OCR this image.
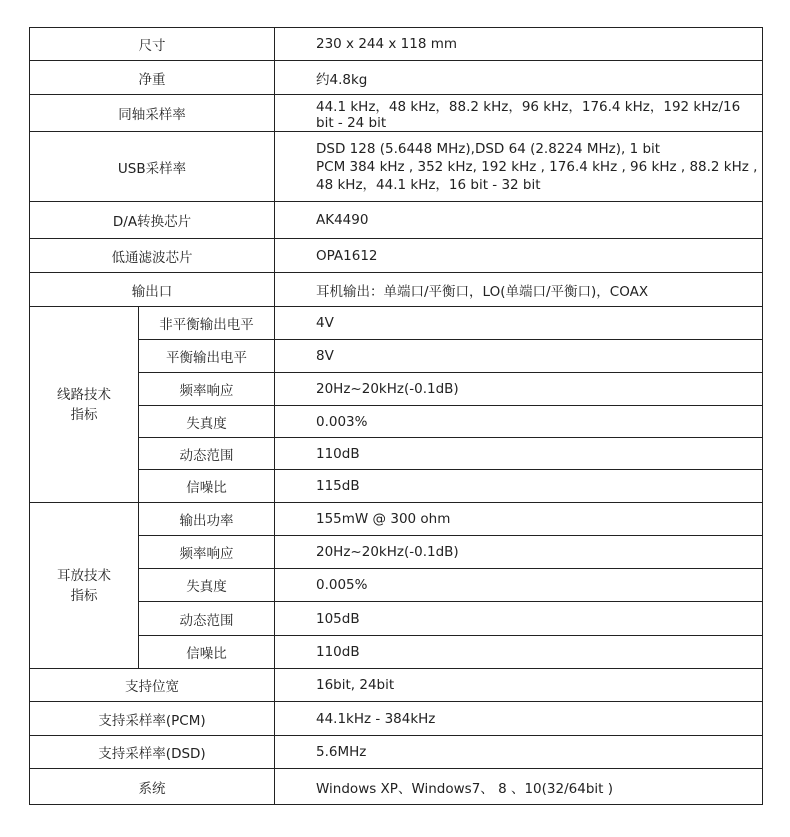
尺寸		230 x 244 x 118 mm
净重		约4.8kg
同轴采样率		44.1 kHz，48 kHz，88.2 kHz，96 kHz，176.4 kHz，192 kHz/16 bit - 24 bit
USB采样率		DSD 128 (5.6448 MHz),DSD 64 (2.8224 MHz), 1 bit
PCM 384 kHz , 352 kHz, 192 kHz , 176.4 kHz , 96 kHz , 88.2 kHz ,
48 kHz，44.1 kHz，16 bit - 32 bit

D/A转换芯片		AK4490
低通滤波芯片		OPA1612
输出口		耳机输出：单端口/平衡口，LO(单端口/平衡口)，COAX

线路技术
指标	非平衡输出电平	4V
	平衡输出电平	8V
	频率响应	20Hz~20kHz(-0.1dB)
	失真度	0.003%
	动态范围	110dB
	信噪比	115dB

耳放技术
指标	输出功率	155mW @ 300 ohm
	频率响应	20Hz~20kHz(-0.1dB)
	失真度	0.005%
	动态范围	105dB
	信噪比	110dB
支持位宽		16bit, 24bit
支持采样率(PCM)		44.1kHz - 384kHz
支持采样率(DSD)		5.6MHz
系统		Windows XP、Windows7、 8 、10(32/64bit )
